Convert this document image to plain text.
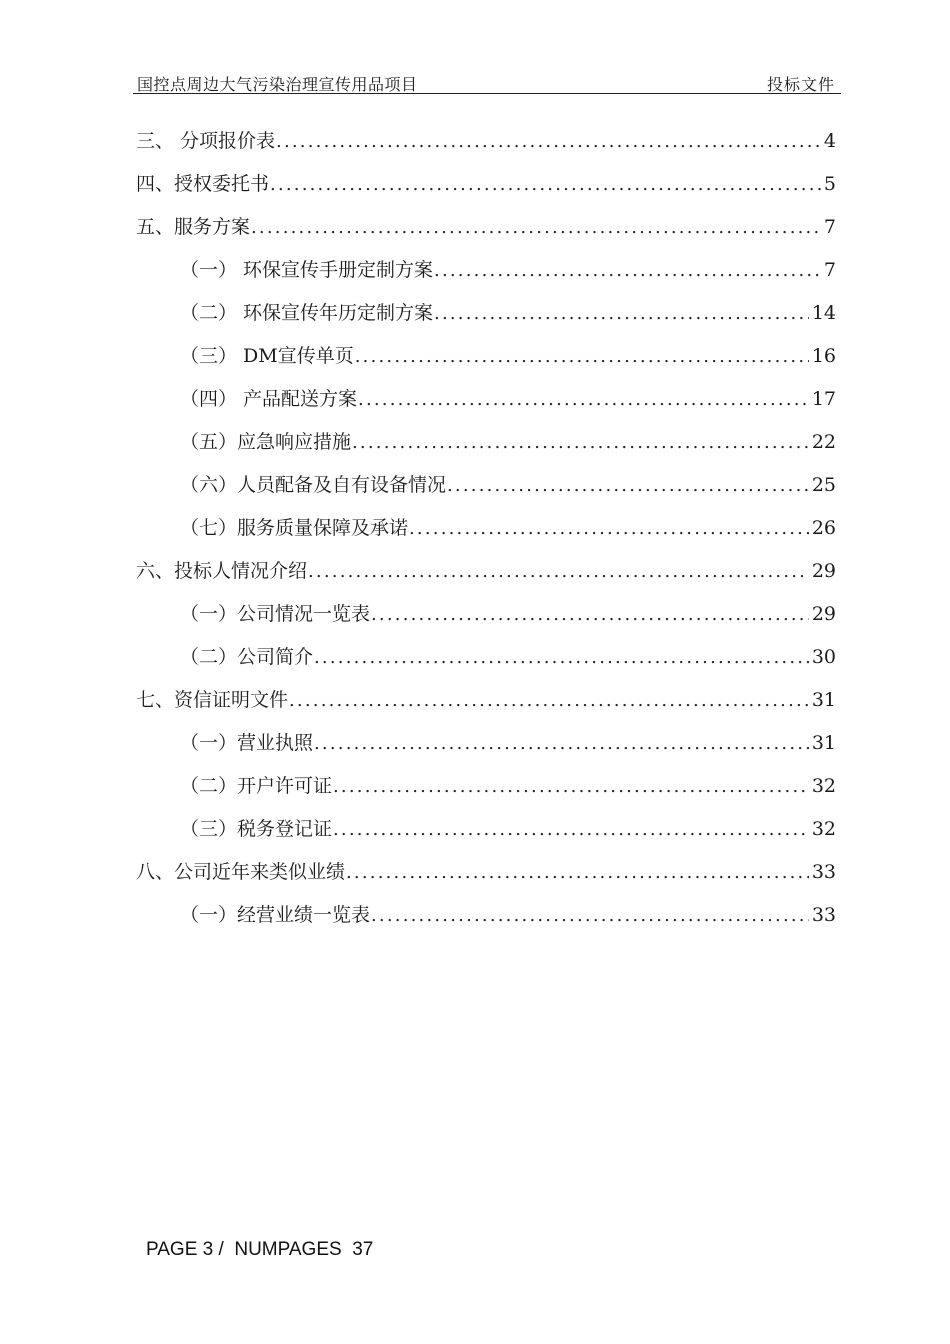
国控点周边大气污染治理宣传用品项目	投标文件
三、 分项报价表 .....	4
四、授权委托书 .....	5
五、服务方案 .....	7
（一） 环保宣传手册定制方案 .....	7
（二） 环保宣传年历定制方案 .....	14
（三） DM宣传单页 .....	16
（四） 产品配送方案 .....	17
（五）应急响应措施 .....	22
（六）人员配备及自有设备情况 .....	25
（七）服务质量保障及承诺 .....	26
六、投标人情况介绍 .....	29
（一）公司情况一览表 .....	29
（二）公司简介 .....	30
七、资信证明文件 .....	31
（一）营业执照 .....	31
（二）开户许可证 .....	32
（三）税务登记证 .....	32
八、公司近年来类似业绩 .....	33
（一）经营业绩一览表 .....	33
PAGE 3 /  NUMPAGES  37
